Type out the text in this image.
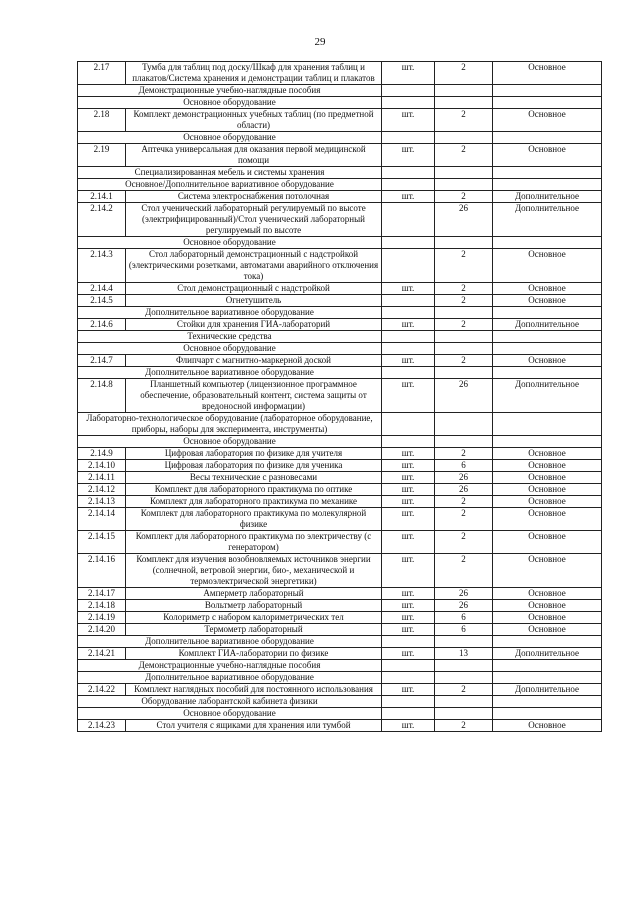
29
2.17	Тумба для таблиц под доску/Шкаф для хранения таблиц и плакатов/Система хранения и демонстрации таблиц и плакатов	шт.	2	Основное
Демонстрационные учебно-наглядные пособия				
Основное оборудование				
2.18	Комплект демонстрационных учебных таблиц (по предметной области)	шт.	2	Основное
Основное оборудование				
2.19	Аптечка универсальная для оказания первой медицинской помощи	шт.	2	Основное
Специализированная мебель и системы хранения				
Основное/Дополнительное вариативное оборудование				
2.14.1	Система электроснабжения потолочная	шт.	2	Дополнительное
2.14.2	Стол ученический лабораторный регулируемый по высоте (электрифицированный)/Стол ученический лабораторный регулируемый по высоте		26	Дополнительное
Основное оборудование				
2.14.3	Стол лабораторный демонстрационный с надстройкой (электрическими розетками, автоматами аварийного отключения тока)		2	Основное
2.14.4	Стол демонстрационный с надстройкой	шт.	2	Основное
2.14.5	Огнетушитель		2	Основное
Дополнительное вариативное оборудование				
2.14.6	Стойки для хранения ГИА-лабораторий	шт.	2	Дополнительное
Технические средства				
Основное оборудование				
2.14.7	Флипчарт с магнитно-маркерной доской	шт.	2	Основное
Дополнительное вариативное оборудование				
2.14.8	Планшетный компьютер (лицензионное программное обеспечение, образовательный контент, система защиты от вредоносной информации)	шт.	26	Дополнительное
Лабораторно-технологическое оборудование (лабораторное оборудование, приборы, наборы для эксперимента, инструменты)				
Основное оборудование				
2.14.9	Цифровая лаборатория по физике для учителя	шт.	2	Основное
2.14.10	Цифровая лаборатория по физике для ученика	шт.	6	Основное
2.14.11	Весы технические с разновесами	шт.	26	Основное
2.14.12	Комплект для лабораторного практикума по оптике	шт.	26	Основное
2.14.13	Комплект для лабораторного практикума по механике	шт.	2	Основное
2.14.14	Комплект для лабораторного практикума по молекулярной физике	шт.	2	Основное
2.14.15	Комплект для лабораторного практикума по электричеству (с генератором)	шт.	2	Основное
2.14.16	Комплект для изучения возобновляемых источников энергии (солнечной, ветровой энергии, био-, механической и термоэлектрической энергетики)	шт.	2	Основное
2.14.17	Амперметр лабораторный	шт.	26	Основное
2.14.18	Вольтметр лабораторный	шт.	26	Основное
2.14.19	Колориметр с набором калориметрических тел	шт.	6	Основное
2.14.20	Термометр лабораторный	шт.	6	Основное
Дополнительное вариативное оборудование				
2.14.21	Комплект ГИА-лаборатории по физике	шт.	13	Дополнительное
Демонстрационные учебно-наглядные пособия				
Дополнительное вариативное оборудование				
2.14.22	Комплект наглядных пособий для постоянного использования	шт.	2	Дополнительное
Оборудование лаборантской кабинета физики				
Основное оборудование				
2.14.23	Стол учителя с ящиками для хранения или тумбой	шт.	2	Основное
